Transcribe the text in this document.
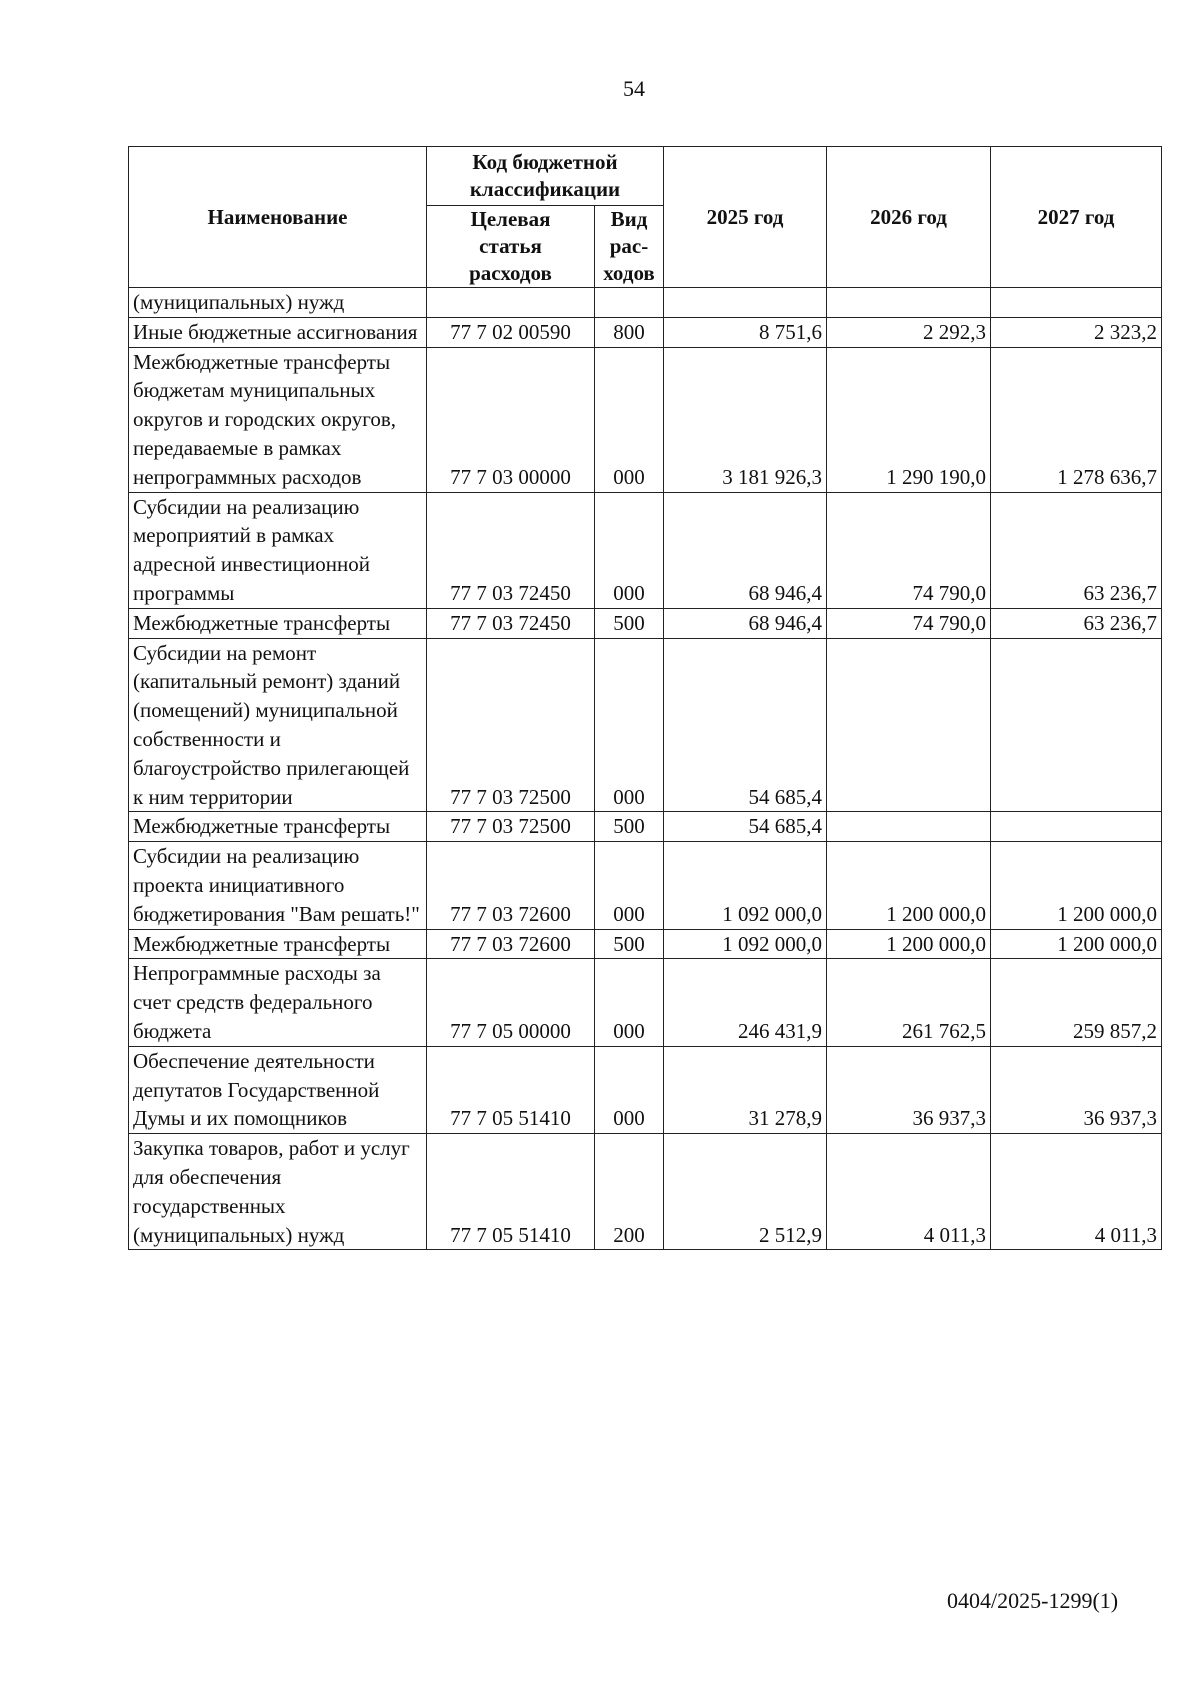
54
Наименование	Код бюджетной классификации		2025 год	2026 год	2027 год
	Целевая статья расходов	Вид рас-ходов			
(муниципальных) нужд					
Иные бюджетные ассигнования	77 7 02 00590	800	8 751,6	2 292,3	2 323,2
Межбюджетные трансферты бюджетам муниципальных округов и городских округов, передаваемые в рамках непрограммных расходов	77 7 03 00000	000	3 181 926,3	1 290 190,0	1 278 636,7
Субсидии на реализацию мероприятий в рамках адресной инвестиционной программы	77 7 03 72450	000	68 946,4	74 790,0	63 236,7
Межбюджетные трансферты	77 7 03 72450	500	68 946,4	74 790,0	63 236,7
Субсидии на ремонт (капитальный ремонт) зданий (помещений) муниципальной собственности и благоустройство прилегающей к ним территории	77 7 03 72500	000	54 685,4		
Межбюджетные трансферты	77 7 03 72500	500	54 685,4		
Субсидии на реализацию проекта инициативного бюджетирования "Вам решать!"	77 7 03 72600	000	1 092 000,0	1 200 000,0	1 200 000,0
Межбюджетные трансферты	77 7 03 72600	500	1 092 000,0	1 200 000,0	1 200 000,0
Непрограммные расходы за счет средств федерального бюджета	77 7 05 00000	000	246 431,9	261 762,5	259 857,2
Обеспечение деятельности депутатов Государственной Думы и их помощников	77 7 05 51410	000	31 278,9	36 937,3	36 937,3
Закупка товаров, работ и услуг для обеспечения государственных (муниципальных) нужд	77 7 05 51410	200	2 512,9	4 011,3	4 011,3
0404/2025-1299(1)
